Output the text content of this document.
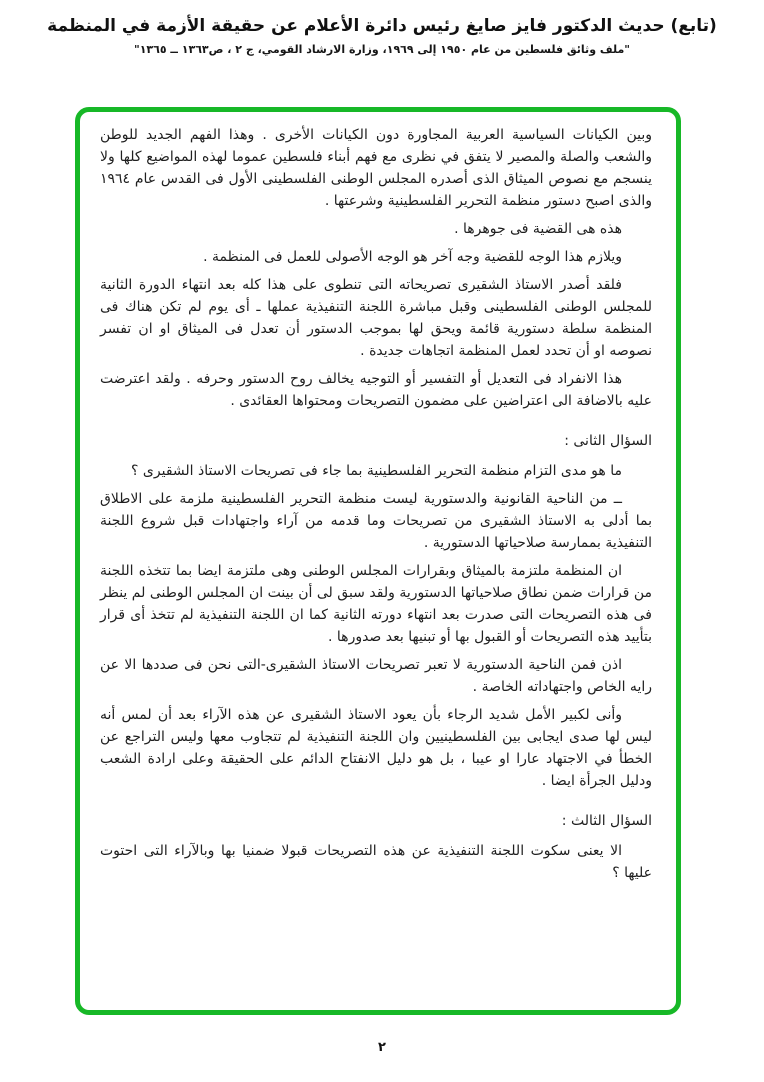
(تابع) حديث الدكتور فايز صايغ رئيس دائرة الأعلام عن حقيقة الأزمة في المنظمة
"ملف وثائق فلسطين من عام ١٩٥٠ إلى ١٩٦٩، وزارة الارشاد القومي، ج ٢ ، ص١٣٦٣ ــ ١٣٦٥"

وبين الكيانات السياسية العربية المجاورة دون الكيانات الأخرى . وهذا الفهم الجديد للوطن والشعب والصلة والمصير لا يتفق في نظرى مع فهم أبناء فلسطين عموما لهذه المواضيع كلها ولا ينسجم مع نصوص الميثاق الذى أصدره المجلس الوطنى الفلسطينى الأول فى القدس عام ١٩٦٤ والذى اصبح دستور منظمة التحرير الفلسطينية وشرعتها .

هذه هى القضية فى جوهرها .

ويلازم هذا الوجه للقضية وجه آخر هو الوجه الأصولى للعمل فى المنظمة .

فلقد أصدر الاستاذ الشقيرى تصريحاته التى تنطوى على هذا كله بعد انتهاء الدورة الثانية للمجلس الوطنى الفلسطينى وقبل مباشرة اللجنة التنفيذية عملها ـ أى يوم لم تكن هناك فى المنظمة سلطة دستورية قائمة ويحق لها بموجب الدستور أن تعدل فى الميثاق او ان تفسر نصوصه او أن تحدد لعمل المنظمة اتجاهات جديدة .

هذا الانفراد فى التعديل أو التفسير أو التوجيه يخالف روح الدستور وحرفه . ولقد اعترضت عليه بالاضافة الى اعتراضين على مضمون التصريحات ومحتواها العقائدى .

السؤال الثانى :

ما هو مدى التزام منظمة التحرير الفلسطينية بما جاء فى تصريحات الاستاذ الشقيرى ؟

ــ من الناحية القانونية والدستورية ليست منظمة التحرير الفلسطينية ملزمة على الاطلاق بما أدلى به الاستاذ الشقيرى من تصريحات وما قدمه من آراء واجتهادات قبل شروع اللجنة التنفيذية بممارسة صلاحياتها الدستورية .

ان المنظمة ملتزمة بالميثاق وبقرارات المجلس الوطنى وهى ملتزمة ايضا بما تتخذه اللجنة من قرارات ضمن نطاق صلاحياتها الدستورية ولقد سبق لى أن بينت ان المجلس الوطنى لم ينظر فى هذه التصريحات التى صدرت بعد انتهاء دورته الثانية كما ان اللجنة التنفيذية لم تتخذ أى قرار بتأييد هذه التصريحات أو القبول بها أو تبنيها بعد صدورها .

اذن فمن الناحية الدستورية لا تعبر تصريحات الاستاذ الشقيرى-التى نحن فى صددها الا عن رايه الخاص واجتهاداته الخاصة .

وأنى لكبير الأمل شديد الرجاء بأن يعود الاستاذ الشقيرى عن هذه الآراء بعد أن لمس أنه ليس لها صدى ايجابى بين الفلسطينيين وان اللجنة التنفيذية لم تتجاوب معها وليس التراجع عن الخطأ في الاجتهاد عارا او عيبا ، بل هو دليل الانفتاح الدائم على الحقيقة وعلى ارادة الشعب ودليل الجرأة ايضا .

السؤال الثالث :

الا يعنى سكوت اللجنة التنفيذية عن هذه التصريحات قبولا ضمنيا بها وبالآراء التى احتوت عليها ؟

٢
